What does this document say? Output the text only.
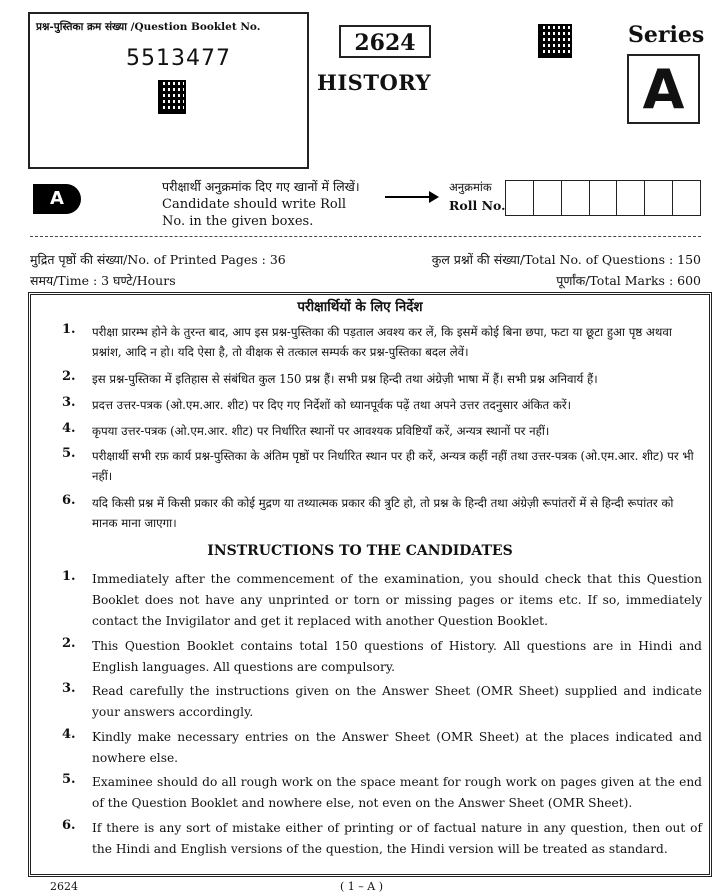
प्रश्न-पुस्तिका क्रम संख्या /Question Booklet No.
5513477
2624
HISTORY
Series
A
A
परीक्षार्थी अनुक्रमांक दिए गए खानों में लिखें।
Candidate should write Roll No. in the given boxes.
अनुक्रमांक
Roll No.
मुद्रित पृष्ठों की संख्या/No. of Printed Pages : 36
समय/Time : 3 घण्टे/Hours
कुल प्रश्नों की संख्या/Total No. of Questions : 150
पूर्णांक/Total Marks : 600
परीक्षार्थियों के लिए निर्देश
1. परीक्षा प्रारम्भ होने के तुरन्त बाद, आप इस प्रश्न-पुस्तिका की पड़ताल अवश्य कर लें, कि इसमें कोई बिना छपा, फटा या छूटा हुआ पृष्ठ अथवा प्रश्नांश, आदि न हो। यदि ऐसा है, तो वीक्षक से तत्काल सम्पर्क कर प्रश्न-पुस्तिका बदल लेवें।
2. इस प्रश्न-पुस्तिका में इतिहास से संबंधित कुल 150 प्रश्न हैं। सभी प्रश्न हिन्दी तथा अंग्रेज़ी भाषा में हैं। सभी प्रश्न अनिवार्य हैं।
3. प्रदत्त उत्तर-पत्रक (ओ.एम.आर. शीट) पर दिए गए निर्देशों को ध्यानपूर्वक पढ़ें तथा अपने उत्तर तदनुसार अंकित करें।
4. कृपया उत्तर-पत्रक (ओ.एम.आर. शीट) पर निर्धारित स्थानों पर आवश्यक प्रविष्टियाँ करें, अन्यत्र स्थानों पर नहीं।
5. परीक्षार्थी सभी रफ़ कार्य प्रश्न-पुस्तिका के अंतिम पृष्ठों पर निर्धारित स्थान पर ही करें, अन्यत्र कहीं नहीं तथा उत्तर-पत्रक (ओ.एम.आर. शीट) पर भी नहीं।
6. यदि किसी प्रश्न में किसी प्रकार की कोई मुद्रण या तथ्यात्मक प्रकार की त्रुटि हो, तो प्रश्न के हिन्दी तथा अंग्रेज़ी रूपांतरों में से हिन्दी रूपांतर को मानक माना जाएगा।
INSTRUCTIONS TO THE CANDIDATES
1. Immediately after the commencement of the examination, you should check that this Question Booklet does not have any unprinted or torn or missing pages or items etc. If so, immediately contact the Invigilator and get it replaced with another Question Booklet.
2. This Question Booklet contains total 150 questions of History. All questions are in Hindi and English languages. All questions are compulsory.
3. Read carefully the instructions given on the Answer Sheet (OMR Sheet) supplied and indicate your answers accordingly.
4. Kindly make necessary entries on the Answer Sheet (OMR Sheet) at the places indicated and nowhere else.
5. Examinee should do all rough work on the space meant for rough work on pages given at the end of the Question Booklet and nowhere else, not even on the Answer Sheet (OMR Sheet).
6. If there is any sort of mistake either of printing or of factual nature in any question, then out of the Hindi and English versions of the question, the Hindi version will be treated as standard.
2624	( 1 – A )
